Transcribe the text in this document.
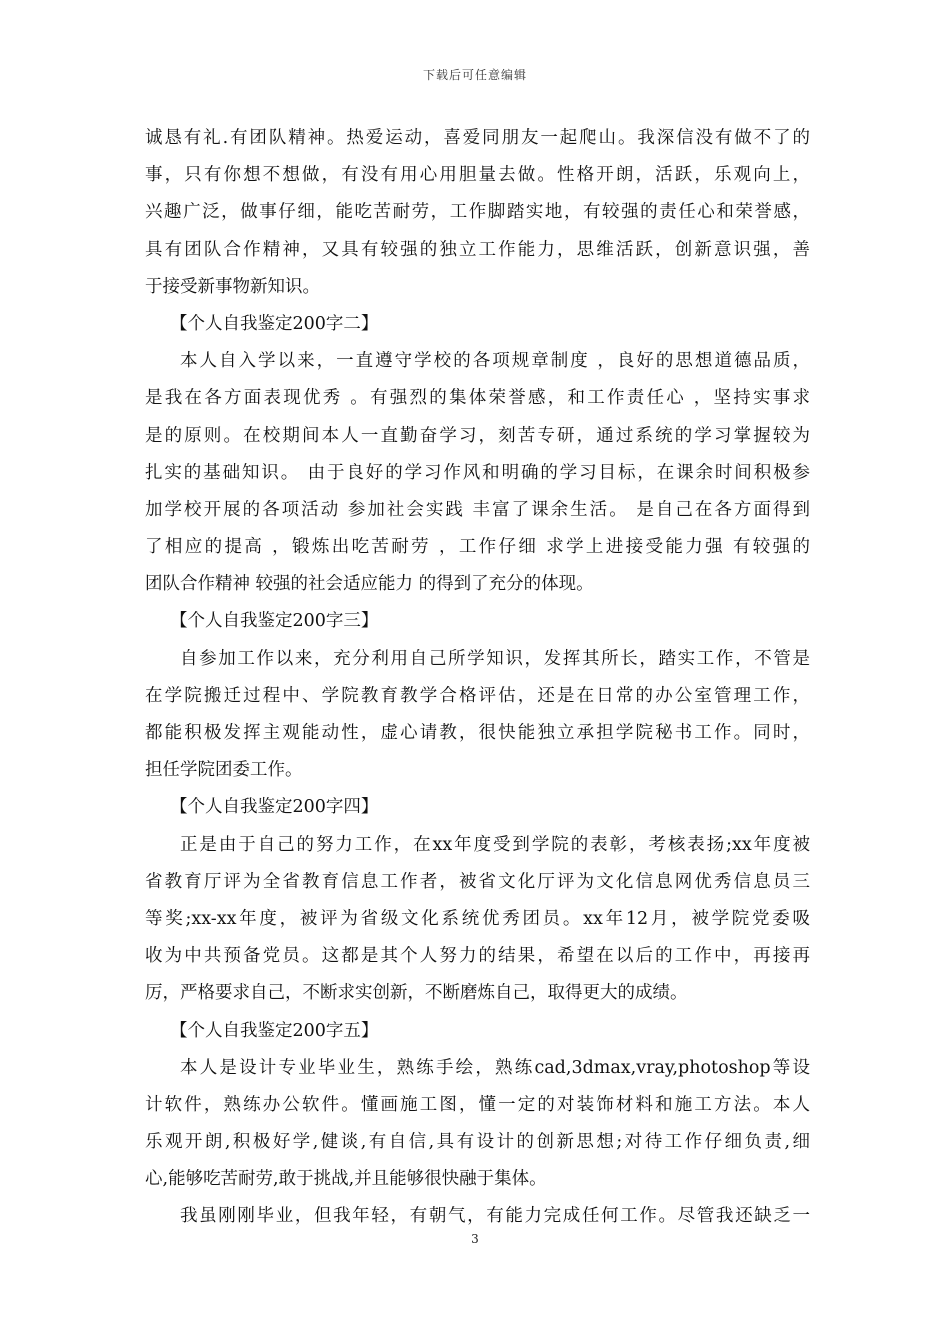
下载后可任意编辑
诚恳有礼.有团队精神。热爱运动，喜爱同朋友一起爬山。我深信没有做不了的
事，只有你想不想做，有没有用心用胆量去做。性格开朗，活跃，乐观向上，
兴趣广泛，做事仔细，能吃苦耐劳，工作脚踏实地，有较强的责任心和荣誉感，
具有团队合作精神，又具有较强的独立工作能力，思维活跃，创新意识强，善
于接受新事物新知识。
【个人自我鉴定200字二】
本人自入学以来，一直遵守学校的各项规章制度 ，良好的思想道德品质，
是我在各方面表现优秀 。有强烈的集体荣誉感，和工作责任心 ，坚持实事求
是的原则。在校期间本人一直勤奋学习，刻苦专研，通过系统的学习掌握较为
扎实的基础知识。 由于良好的学习作风和明确的学习目标，在课余时间积极参
加学校开展的各项活动 参加社会实践 丰富了课余生活。 是自己在各方面得到
了相应的提高 ，锻炼出吃苦耐劳 ，工作仔细 求学上进接受能力强 有较强的
团队合作精神 较强的社会适应能力 的得到了充分的体现。
【个人自我鉴定200字三】
自参加工作以来，充分利用自己所学知识，发挥其所长，踏实工作，不管是
在学院搬迁过程中、学院教育教学合格评估，还是在日常的办公室管理工作，
都能积极发挥主观能动性，虚心请教，很快能独立承担学院秘书工作。同时，
担任学院团委工作。
【个人自我鉴定200字四】
正是由于自己的努力工作，在xx年度受到学院的表彰，考核表扬;xx年度被
省教育厅评为全省教育信息工作者，被省文化厅评为文化信息网优秀信息员三
等奖;xx-xx年度，被评为省级文化系统优秀团员。xx年12月，被学院党委吸
收为中共预备党员。这都是其个人努力的结果，希望在以后的工作中，再接再
厉，严格要求自己，不断求实创新，不断磨炼自己，取得更大的成绩。
【个人自我鉴定200字五】
本人是设计专业毕业生，熟练手绘，熟练cad,3dmax,vray,photoshop等设
计软件，熟练办公软件。懂画施工图，懂一定的对装饰材料和施工方法。本人
乐观开朗,积极好学,健谈,有自信,具有设计的创新思想;对待工作仔细负责,细
心,能够吃苦耐劳,敢于挑战,并且能够很快融于集体。
我虽刚刚毕业，但我年轻，有朝气，有能力完成任何工作。尽管我还缺乏一
3
